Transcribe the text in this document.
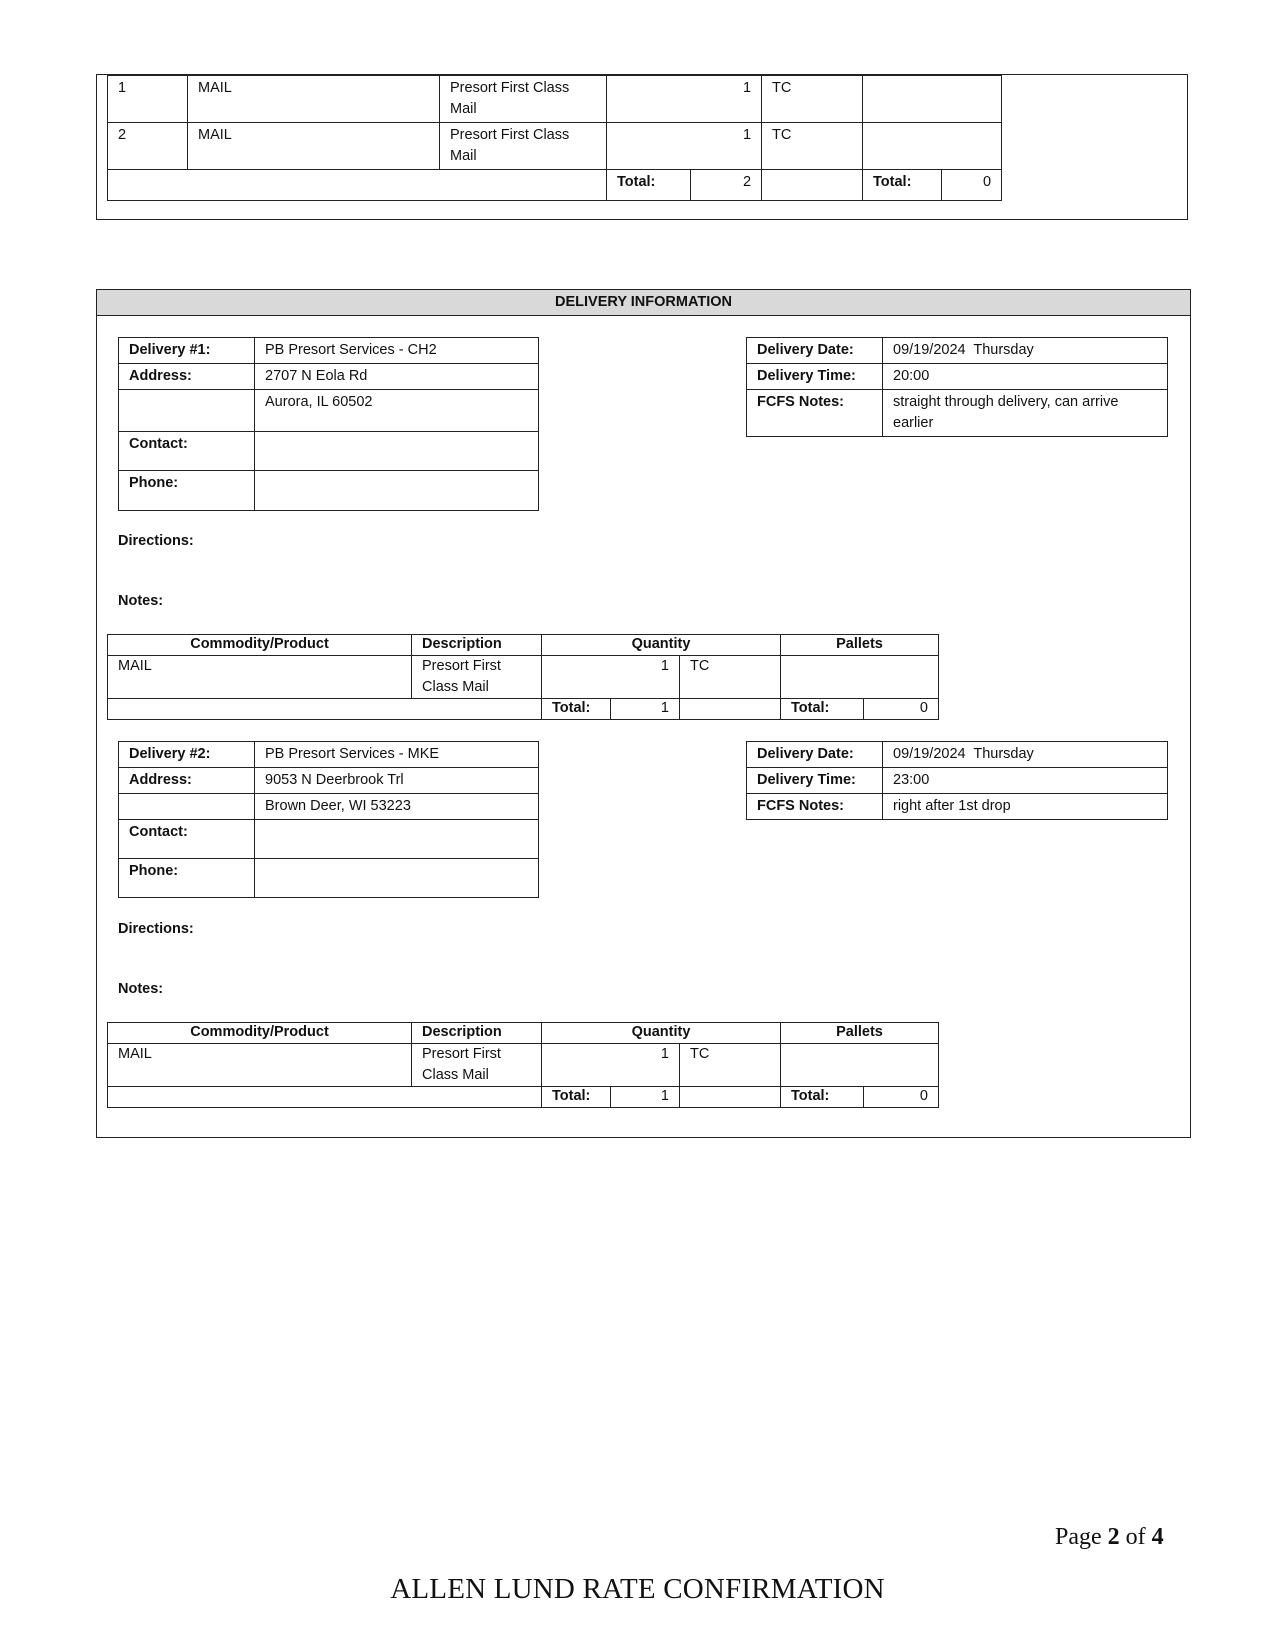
1	MAIL	Presort First Class Mail	1		TC		
2	MAIL	Presort First Class Mail	1		TC		
			Total:	2		Total:	0
DELIVERY INFORMATION
Delivery #1:	PB Presort Services - CH2
Address:	2707 N Eola Rd
	Aurora, IL 60502
Contact:	
Phone:	
Delivery Date:	09/19/2024  Thursday
Delivery Time:	20:00
FCFS Notes:	straight through delivery, can arrive earlier
Directions:
Notes:
Commodity/Product	Description	Quantity			Pallets	
MAIL	Presort First Class Mail	1		TC		
		Total:	1		Total:	0
Delivery #2:	PB Presort Services - MKE
Address:	9053 N Deerbrook Trl
	Brown Deer, WI 53223
Contact:	
Phone:	
Delivery Date:	09/19/2024  Thursday
Delivery Time:	23:00
FCFS Notes:	right after 1st drop
Directions:
Notes:
Commodity/Product	Description	Quantity			Pallets	
MAIL	Presort First Class Mail	1		TC		
		Total:	1		Total:	0
Page 2 of 4
ALLEN LUND RATE CONFIRMATION
